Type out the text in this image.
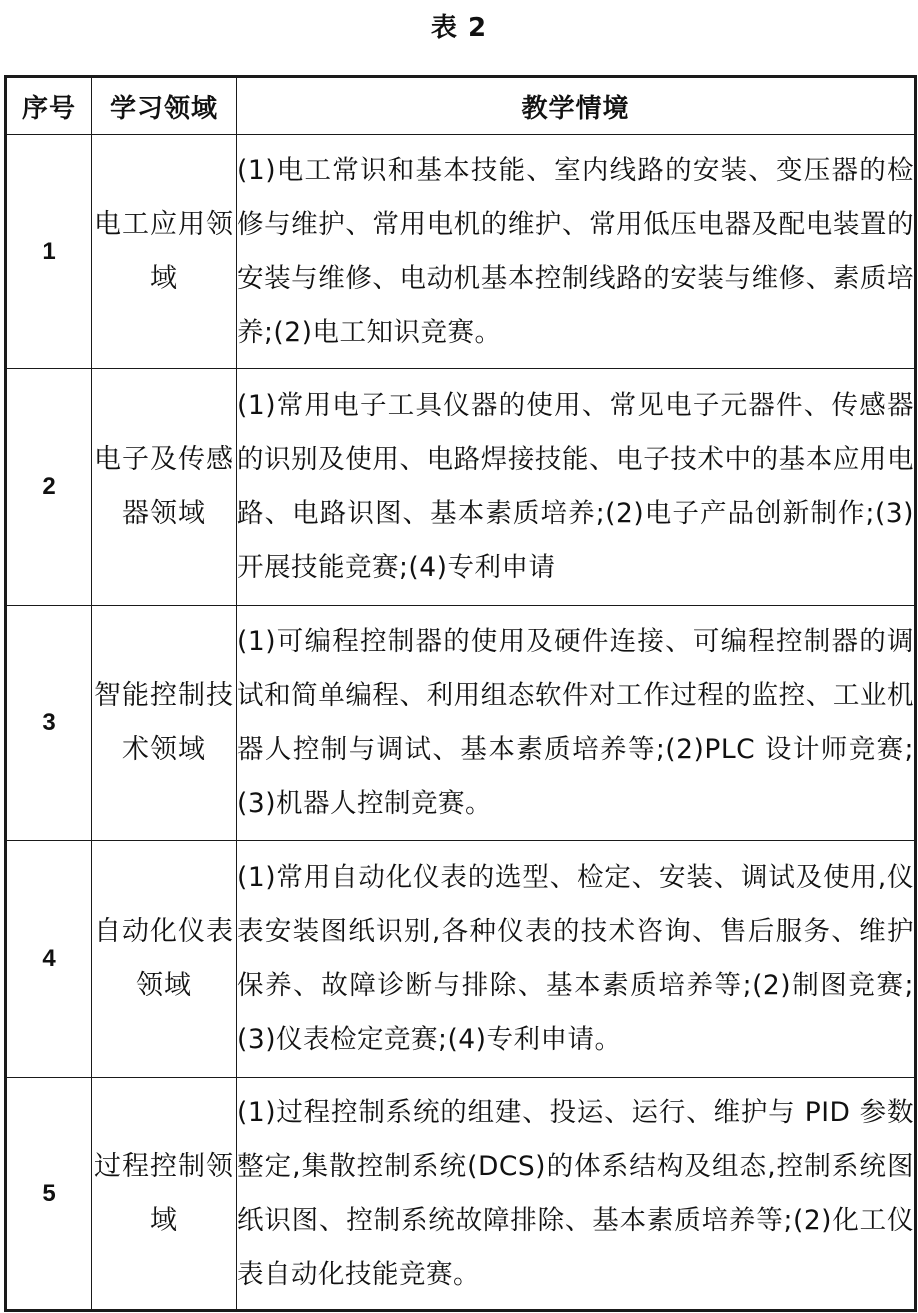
表 2
序号	学习领域	教学情境
1	电工应用领域	(1)电工常识和基本技能、室内线路的安装、变压器的检修与维护、常用电机的维护、常用低压电器及配电装置的安装与维修、电动机基本控制线路的安装与维修、素质培养;(2)电工知识竞赛。
2	电子及传感器领域	(1)常用电子工具仪器的使用、常见电子元器件、传感器的识别及使用、电路焊接技能、电子技术中的基本应用电路、电路识图、基本素质培养;(2)电子产品创新制作;(3)开展技能竞赛;(4)专利申请
3	智能控制技术领域	(1)可编程控制器的使用及硬件连接、可编程控制器的调试和简单编程、利用组态软件对工作过程的监控、工业机器人控制与调试、基本素质培养等;(2)PLC 设计师竞赛;(3)机器人控制竞赛。
4	自动化仪表领域	(1)常用自动化仪表的选型、检定、安装、调试及使用,仪表安装图纸识别,各种仪表的技术咨询、售后服务、维护保养、故障诊断与排除、基本素质培养等;(2)制图竞赛;(3)仪表检定竞赛;(4)专利申请。
5	过程控制领域	(1)过程控制系统的组建、投运、运行、维护与 PID 参数整定,集散控制系统(DCS)的体系结构及组态,控制系统图纸识图、控制系统故障排除、基本素质培养等;(2)化工仪表自动化技能竞赛。
